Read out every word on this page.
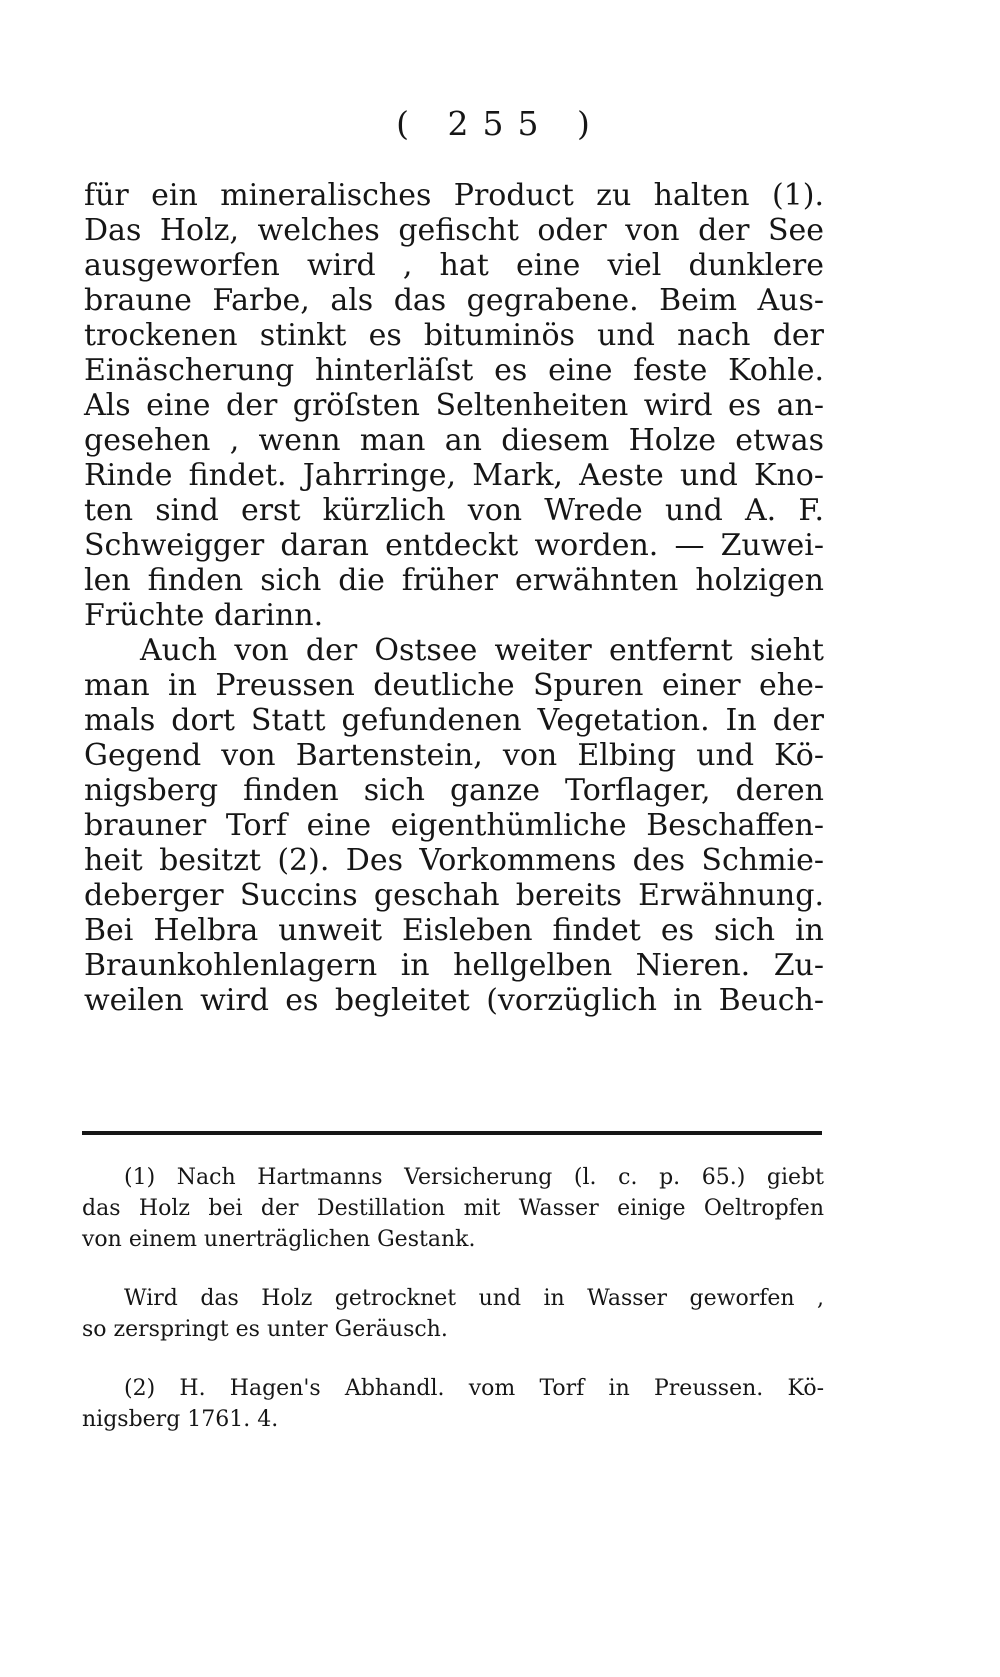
( 255 )
für ein mineralisches Product zu halten (1).
Das Holz, welches gefischt oder von der See
ausgeworfen wird , hat eine viel dunklere
braune Farbe, als das gegrabene. Beim Aus-
trockenen stinkt es bituminös und nach der
Einäscherung hinterläſst es eine feste Kohle.
Als eine der gröſsten Seltenheiten wird es an-
gesehen , wenn man an diesem Holze etwas
Rinde findet. Jahrringe, Mark, Aeste und Kno-
ten sind erst kürzlich von Wrede und A. F.
Schweigger daran entdeckt worden. — Zuwei-
len finden sich die früher erwähnten holzigen
Früchte darinn.
Auch von der Ostsee weiter entfernt sieht
man in Preussen deutliche Spuren einer ehe-
mals dort Statt gefundenen Vegetation. In der
Gegend von Bartenstein, von Elbing und Kö-
nigsberg finden sich ganze Torflager, deren
brauner Torf eine eigenthümliche Beschaffen-
heit besitzt (2). Des Vorkommens des Schmie-
deberger Succins geschah bereits Erwähnung.
Bei Helbra unweit Eisleben findet es sich in
Braunkohlenlagern in hellgelben Nieren. Zu-
weilen wird es begleitet (vorzüglich in Beuch-
(1) Nach Hartmanns Versicherung (l. c. p. 65.) giebt
das Holz bei der Destillation mit Wasser einige Oeltropfen
von einem unerträglichen Gestank.
Wird das Holz getrocknet und in Wasser geworfen ,
so zerspringt es unter Geräusch.
(2) H. Hagen's Abhandl. vom Torf in Preussen. Kö-
nigsberg 1761. 4.
